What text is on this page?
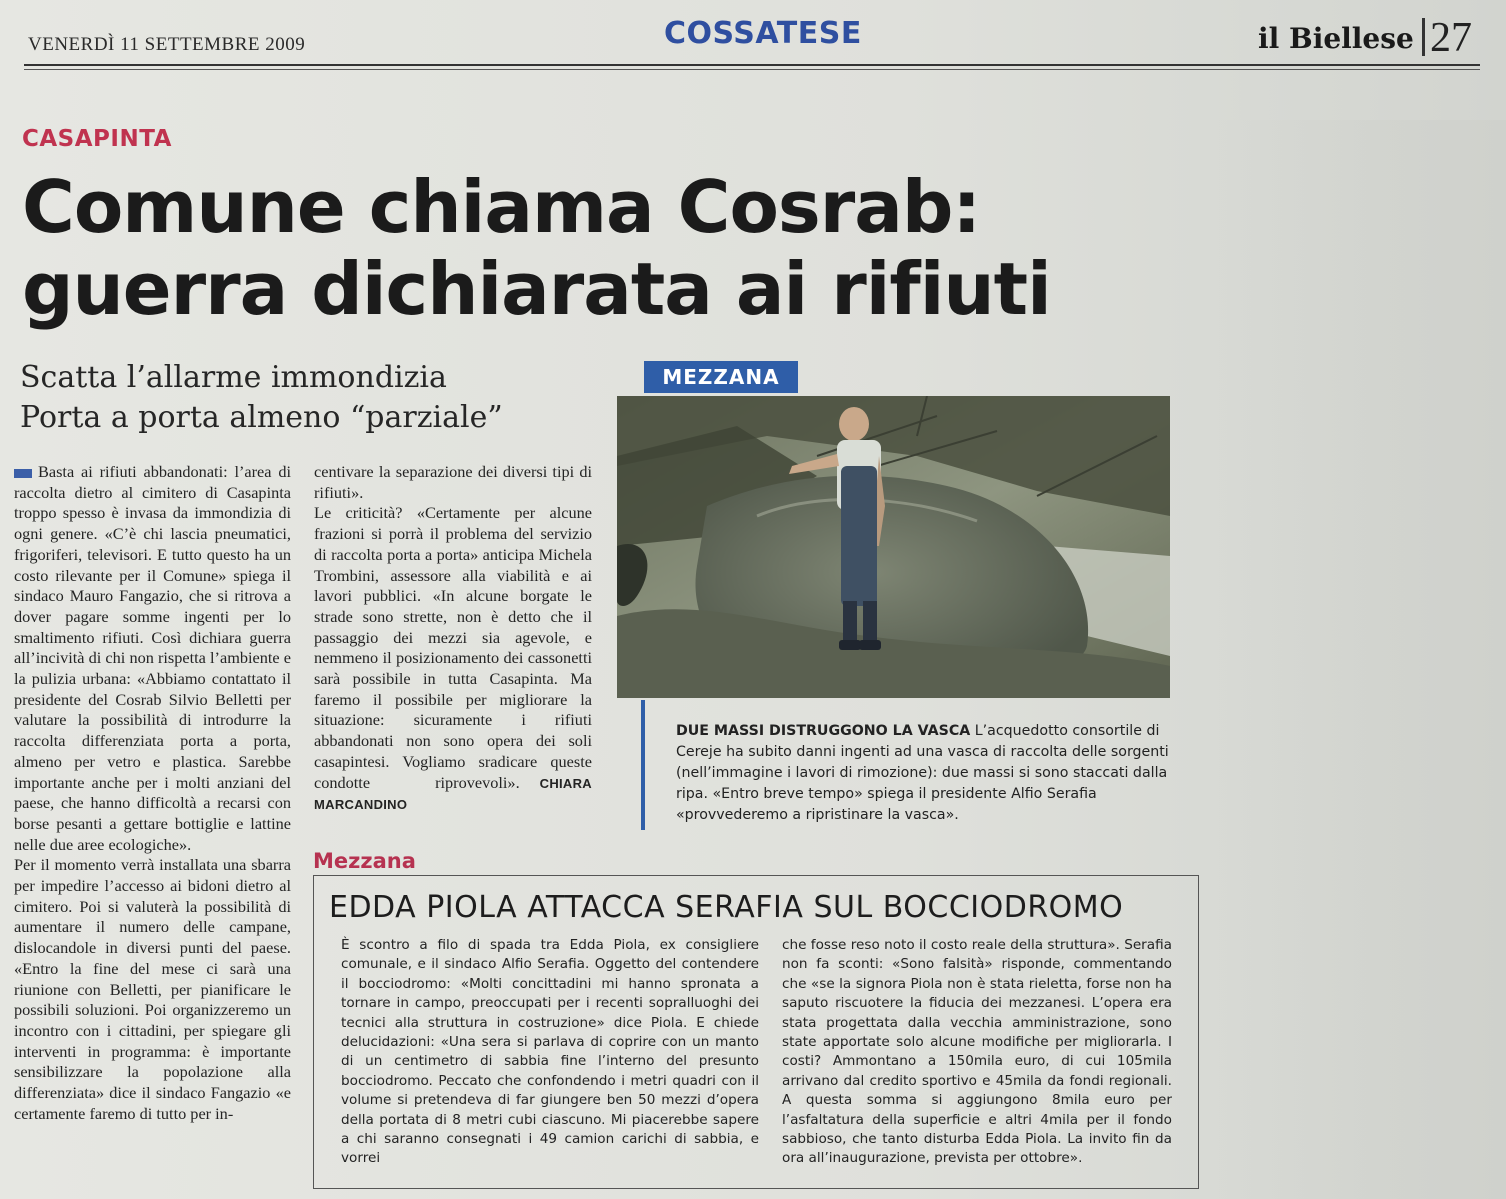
VENERDÌ 11 SETTEMBRE 2009	COSSATESE	il Biellese 27
CASAPINTA
Comune chiama Cosrab:
guerra dichiarata ai rifiuti
Scatta l’allarme immondizia
Porta a porta almeno “parziale”
Basta ai rifiuti abbandonati: l’area di raccolta dietro al cimitero di Casapinta troppo spesso è invasa da immondizia di ogni genere. «C’è chi lascia pneumatici, frigoriferi, televisori. E tutto questo ha un costo rilevante per il Comune» spiega il sindaco Mauro Fangazio, che si ritrova a dover pagare somme ingenti per lo smaltimento rifiuti. Così dichiara guerra all’incività di chi non rispetta l’ambiente e la pulizia urbana: «Abbiamo contattato il presidente del Cosrab Silvio Belletti per valutare la possibilità di introdurre la raccolta differenziata porta a porta, almeno per vetro e plastica. Sarebbe importante anche per i molti anziani del paese, che hanno difficoltà a recarsi con borse pesanti a gettare bottiglie e lattine nelle due aree ecologiche».
Per il momento verrà installata una sbarra per impedire l’accesso ai bidoni dietro al cimitero. Poi si valuterà la possibilità di aumentare il numero delle campane, dislocandole in diversi punti del paese. «Entro la fine del mese ci sarà una riunione con Belletti, per pianificare le possibili soluzioni. Poi organizzeremo un incontro con i cittadini, per spiegare gli interventi in programma: è importante sensibilizzare la popolazione alla differenziata» dice il sindaco Fangazio «e certamente faremo di tutto per in-
centivare la separazione dei diversi tipi di rifiuti».
Le criticità? «Certamente per alcune frazioni si porrà il problema del servizio di raccolta porta a porta» anticipa Michela Trombini, assessore alla viabilità e ai lavori pubblici. «In alcune borgate le strade sono strette, non è detto che il passaggio dei mezzi sia agevole, e nemmeno il posizionamento dei cassonetti sarà possibile in tutta Casapinta. Ma faremo il possibile per migliorare la situazione: sicuramente i rifiuti abbandonati non sono opera dei soli casapintesi. Vogliamo sradicare queste condotte riprovevoli». CHIARA MARCANDINO
MEZZANA
DUE MASSI DISTRUGGONO LA VASCA L’acquedotto consortile di Cereje ha subito danni ingenti ad una vasca di raccolta delle sorgenti (nell’immagine i lavori di rimozione): due massi si sono staccati dalla ripa. «Entro breve tempo» spiega il presidente Alfio Serafia «provvederemo a ripristinare la vasca».
Mezzana
EDDA PIOLA ATTACCA SERAFIA SUL BOCCIODROMO
È scontro a filo di spada tra Edda Piola, ex consigliere comunale, e il sindaco Alfio Serafia. Oggetto del contendere il bocciodromo: «Molti concittadini mi hanno spronata a tornare in campo, preoccupati per i recenti sopralluoghi dei tecnici alla struttura in costruzione» dice Piola. E chiede delucidazioni: «Una sera si parlava di coprire con un manto di un centimetro di sabbia fine l’interno del presunto bocciodromo. Peccato che confondendo i metri quadri con il volume si pretendeva di far giungere ben 50 mezzi d’opera della portata di 8 metri cubi ciascuno. Mi piacerebbe sapere a chi saranno consegnati i 49 camion carichi di sabbia, e vorrei
che fosse reso noto il costo reale della struttura». Serafia non fa sconti: «Sono falsità» risponde, commentando che «se la signora Piola non è stata rieletta, forse non ha saputo riscuotere la fiducia dei mezzanesi. L’opera era stata progettata dalla vecchia amministrazione, sono state apportate solo alcune modifiche per migliorarla. I costi? Ammontano a 150mila euro, di cui 105mila arrivano dal credito sportivo e 45mila da fondi regionali. A questa somma si aggiungono 8mila euro per l’asfaltatura della superficie e altri 4mila per il fondo sabbioso, che tanto disturba Edda Piola. La invito fin da ora all’inaugurazione, prevista per ottobre».
